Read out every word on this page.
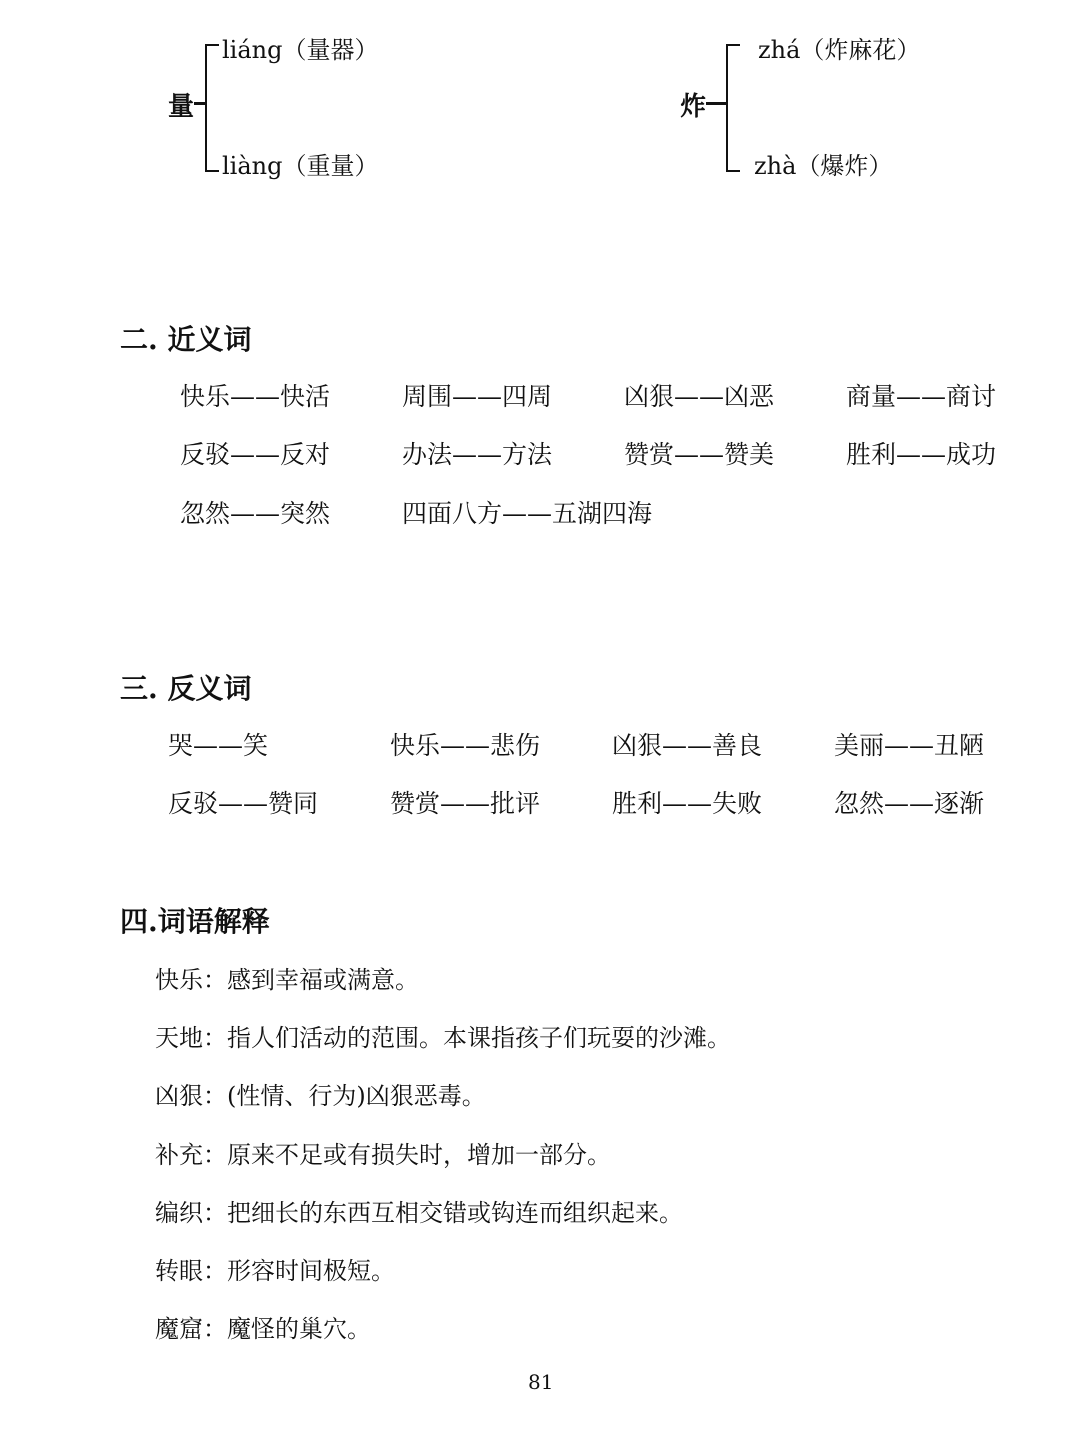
量
liáng（量器）
liàng（重量）
炸
zhá（炸麻花）
zhà（爆炸）
二. 近义词
快乐——快活	周围——四周	凶狠——凶恶	商量——商讨
反驳——反对	办法——方法	赞赏——赞美	胜利——成功
忽然——突然	四面八方——五湖四海
三. 反义词
哭——笑	快乐——悲伤	凶狠——善良	美丽——丑陋
反驳——赞同	赞赏——批评	胜利——失败	忽然——逐渐
四.词语解释
快乐：感到幸福或满意。
天地：指人们活动的范围。本课指孩子们玩耍的沙滩。
凶狠：(性情、行为)凶狠恶毒。
补充：原来不足或有损失时，增加一部分。
编织：把细长的东西互相交错或钩连而组织起来。
转眼：形容时间极短。
魔窟：魔怪的巢穴。
81
